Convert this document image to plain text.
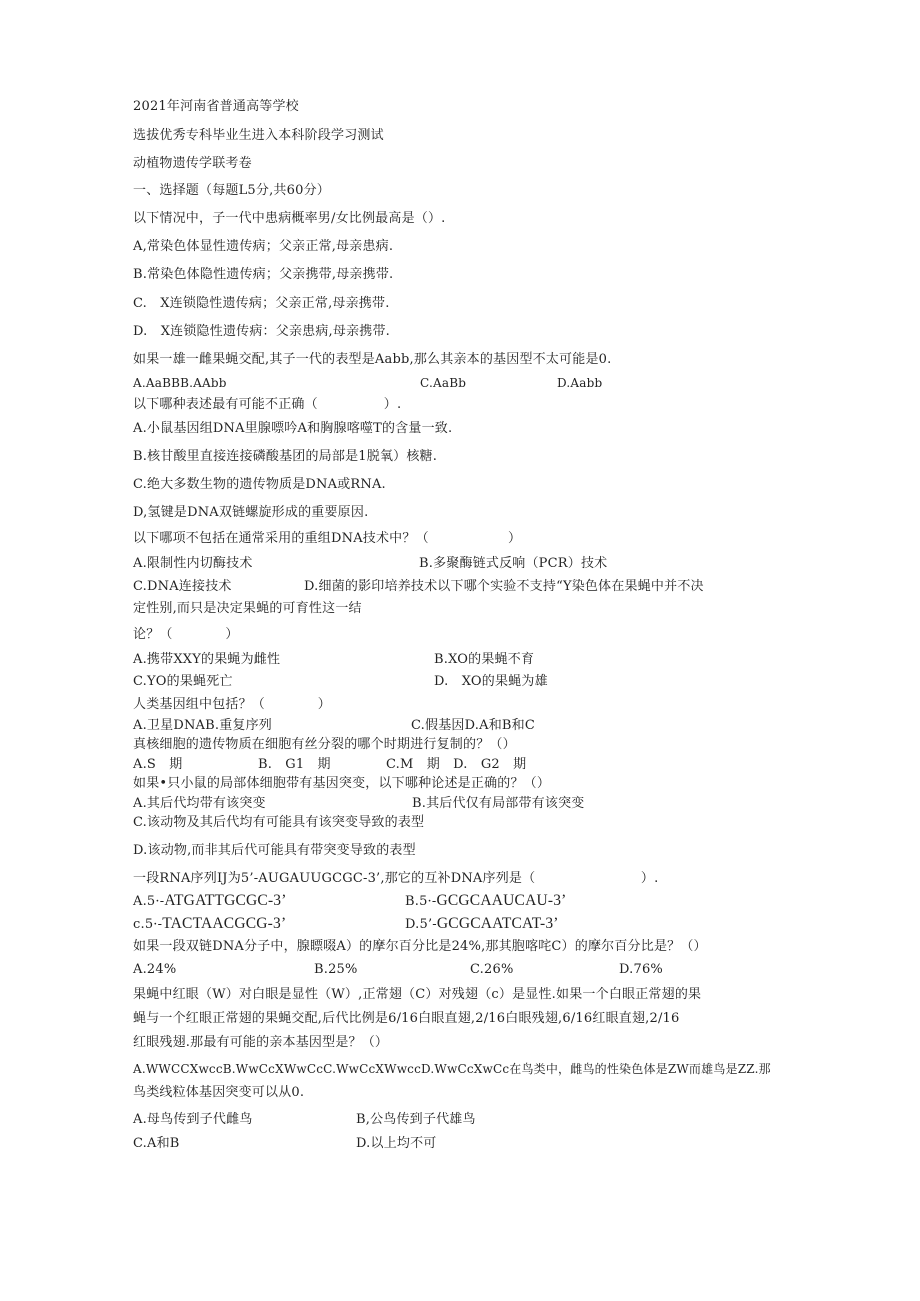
2021年河南省普通高等学校
选拔优秀专科毕业生进入本科阶段学习测试
动植物遗传学联考卷
一、选择题（每题L5分,共60分）
以下情况中，子一代中患病概率男/女比例最高是（）.
A,常染色体显性遗传病；父亲正常,母亲患病.
B.常染色体隐性遗传病；父亲携带,母亲携带.
C.　X连锁隐性遗传病；父亲正常,母亲携带.
D.　X连锁隐性遗传病：父亲患病,母亲携带.
如果一雄一雌果蝇交配,其子一代的表型是Aabb,那么其亲本的基因型不太可能是0.
A.AaBBB.AAbb	C.AaBb	D.Aabb
以下哪种表述最有可能不正确（　　　　　）.
A.小鼠基因组DNA里腺嘌吟A和胸腺喀噬T的含量一致.
B.核甘酸里直接连接磷酸基团的局部是1脱氧）核糖.
C.绝大多数生物的遗传物质是DNA或RNA.
D,氢键是DNA双链螺旋形成的重要原因.
以下哪项不包括在通常采用的重组DNA技术中？（　　　　　　）
A.限制性内切酶技术	B.多聚酶链式反响（PCR）技术
C.DNA连接技术	D.细菌的影印培养技术以下哪个实验不支持“Y染色体在果蝇中并不决
定性别,而只是决定果蝇的可育性这一结
论？（　　　　）
A.携带XXY的果蝇为雌性	B.XO的果蝇不育
C.YO的果蝇死亡	D.　XO的果蝇为雄
人类基因组中包括？（　　　　）
A.卫星DNAB.重复序列	C.假基因D.A和B和C
真核细胞的遗传物质在细胞有丝分裂的哪个时期进行复制的？（）
A.S　期	B.　G1　期	C.M　期　D.　G2　期
如果•只小鼠的局部体细胞带有基因突变，以下哪种论述是正确的？（）
A.其后代均带有该突变	B.其后代仅有局部带有该突变
C.该动物及其后代均有可能具有该突变导致的表型
D.该动物,而非其后代可能具有带突变导致的表型
一段RNA序列IJ为5’-AUGAUUGCGC-3’,那它的互补DNA序列是（　　　　　　　　）.
A.5·-ATGATTGCGC-3’	B.5·-GCGCAAUCAU-3’
c.5·-TACTAACGCG-3’	D.5’-GCGCAATCAT-3’
如果一段双链DNA分子中，腺瞟啜A）的摩尔百分比是24%,那其胞喀咤C）的摩尔百分比是？（）
A.24%	B.25%	C.26%	D.76%
果蝇中红眼（W）对白眼是显性（W）,正常翅（C）对残翅（c）是显性.如果一个白眼正常翅的果
蝇与一个红眼正常翅的果蝇交配,后代比例是6/16白眼直翅,2/16白眼残翅,6/16红眼直翅,2/16
红眼残翅.那最有可能的亲本基因型是？（）
A.WWCCXwccB.WwCcXWwCcC.WwCcXWwccD.WwCcXwCc在鸟类中，雌鸟的性染色体是ZW而雄鸟是ZZ.那
鸟类线粒体基因突变可以从0.
A.母鸟传到子代雌鸟	B,公鸟传到子代雄鸟
C.A和B	D.以上均不可
